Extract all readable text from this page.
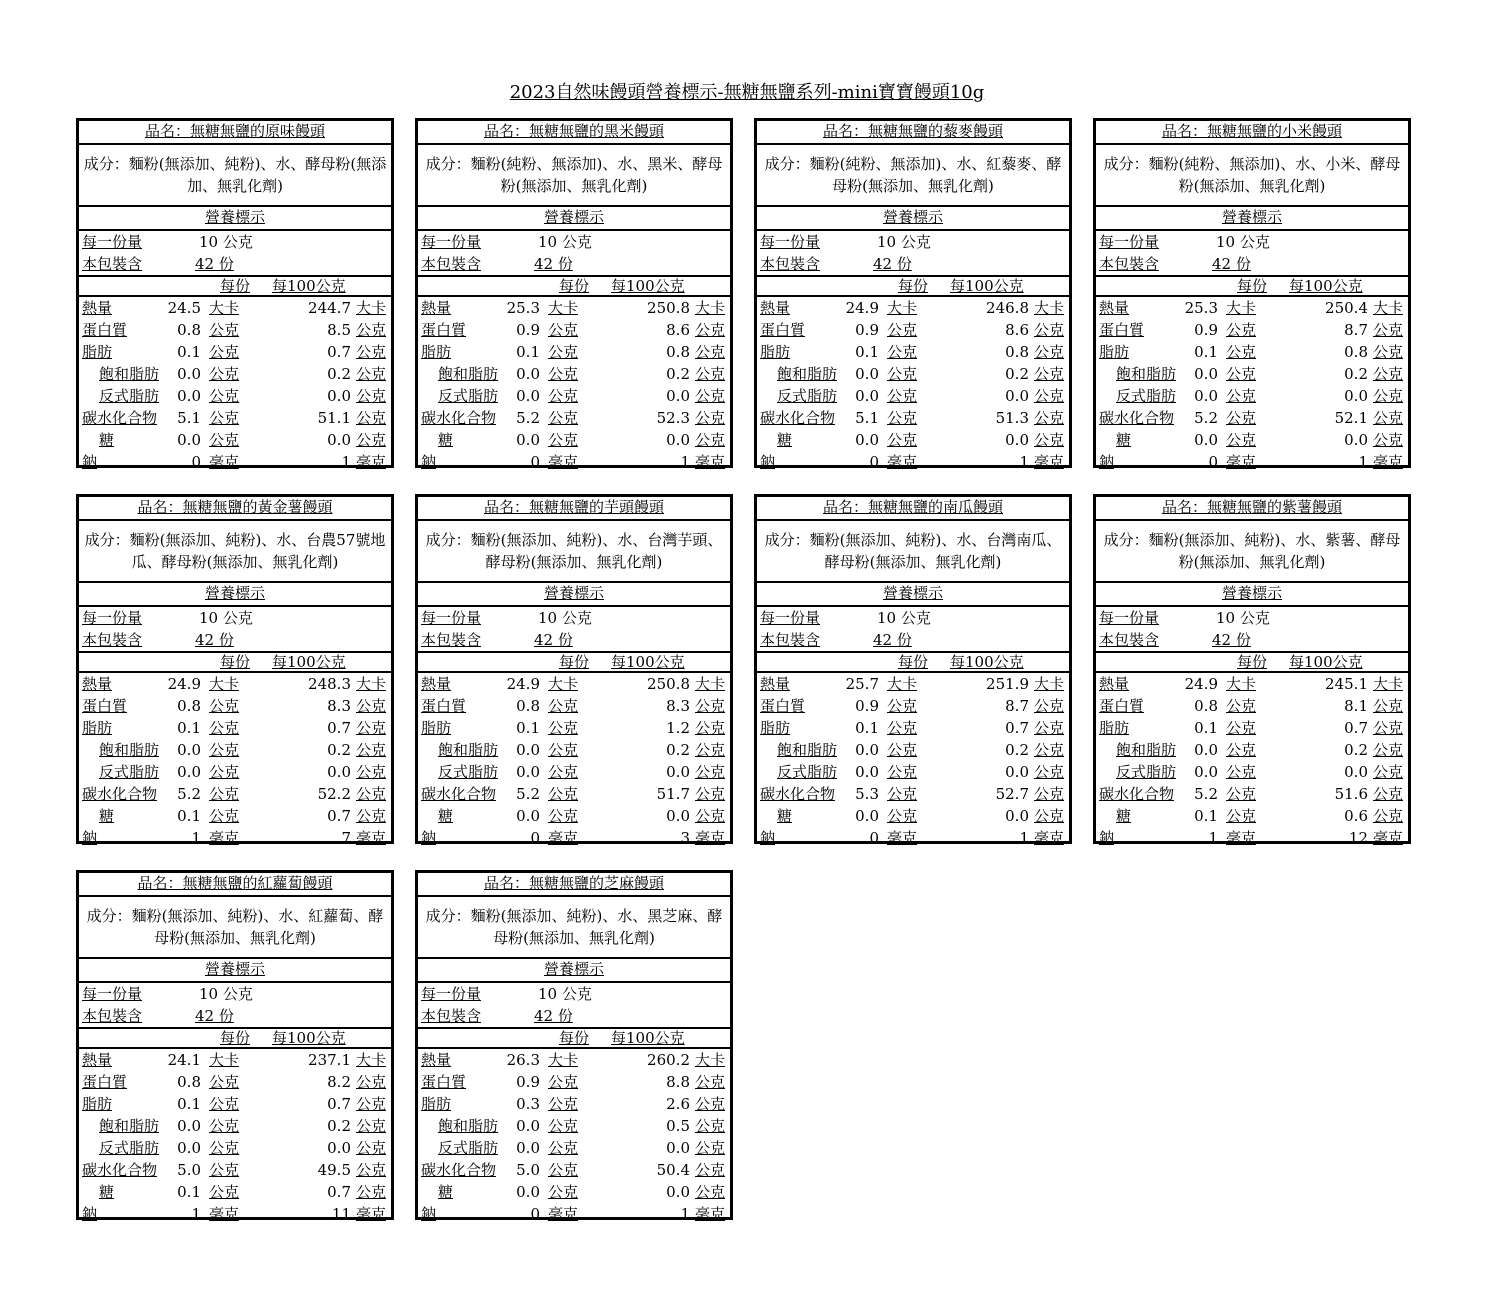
2023自然味饅頭營養標示-無糖無鹽系列-mini寶寶饅頭10g
品名：無糖無鹽的原味饅頭
成分：麵粉(無添加、純粉)、水、酵母粉(無添加、無乳化劑)
營養標示
每一份量	10 公克
本包裝含	42 份
每份 每100公克
熱量	24.5 大卡	244.7 大卡
蛋白質	0.8 公克	8.5 公克
脂肪	0.1 公克	0.7 公克
飽和脂肪 0.0 公克	0.2 公克
反式脂肪 0.0 公克	0.0 公克
碳水化合物 5.1 公克	51.1 公克
糖	0.0 公克	0.0 公克
鈉	0 毫克	1 毫克
品名：無糖無鹽的黑米饅頭
成分：麵粉(純粉、無添加)、水、黑米、酵母粉(無添加、無乳化劑)
營養標示
每一份量	10 公克
本包裝含	42 份
每份 每100公克
熱量	25.3 大卡	250.8 大卡
蛋白質	0.9 公克	8.6 公克
脂肪	0.1 公克	0.8 公克
飽和脂肪 0.0 公克	0.2 公克
反式脂肪 0.0 公克	0.0 公克
碳水化合物 5.2 公克	52.3 公克
糖	0.0 公克	0.0 公克
鈉	0 毫克	1 毫克
品名：無糖無鹽的藜麥饅頭
成分：麵粉(純粉、無添加)、水、紅藜麥、酵母粉(無添加、無乳化劑)
營養標示
每一份量	10 公克
本包裝含	42 份
每份 每100公克
熱量	24.9 大卡	246.8 大卡
蛋白質	0.9 公克	8.6 公克
脂肪	0.1 公克	0.8 公克
飽和脂肪 0.0 公克	0.2 公克
反式脂肪 0.0 公克	0.0 公克
碳水化合物 5.1 公克	51.3 公克
糖	0.0 公克	0.0 公克
鈉	0 毫克	1 毫克
品名：無糖無鹽的小米饅頭
成分：麵粉(純粉、無添加)、水、小米、酵母粉(無添加、無乳化劑)
營養標示
每一份量	10 公克
本包裝含	42 份
每份 每100公克
熱量	25.3 大卡	250.4 大卡
蛋白質	0.9 公克	8.7 公克
脂肪	0.1 公克	0.8 公克
飽和脂肪 0.0 公克	0.2 公克
反式脂肪 0.0 公克	0.0 公克
碳水化合物 5.2 公克	52.1 公克
糖	0.0 公克	0.0 公克
鈉	0 毫克	1 毫克
品名：無糖無鹽的黃金薯饅頭
成分：麵粉(無添加、純粉)、水、台農57號地瓜、酵母粉(無添加、無乳化劑)
營養標示
每一份量	10 公克
本包裝含	42 份
每份 每100公克
熱量	24.9 大卡	248.3 大卡
蛋白質	0.8 公克	8.3 公克
脂肪	0.1 公克	0.7 公克
飽和脂肪 0.0 公克	0.2 公克
反式脂肪 0.0 公克	0.0 公克
碳水化合物 5.2 公克	52.2 公克
糖	0.1 公克	0.7 公克
鈉	1 毫克	7 毫克
品名：無糖無鹽的芋頭饅頭
成分：麵粉(無添加、純粉)、水、台灣芋頭、酵母粉(無添加、無乳化劑)
營養標示
每一份量	10 公克
本包裝含	42 份
每份 每100公克
熱量	24.9 大卡	250.8 大卡
蛋白質	0.8 公克	8.3 公克
脂肪	0.1 公克	1.2 公克
飽和脂肪 0.0 公克	0.2 公克
反式脂肪 0.0 公克	0.0 公克
碳水化合物 5.2 公克	51.7 公克
糖	0.0 公克	0.0 公克
鈉	0 毫克	3 毫克
品名：無糖無鹽的南瓜饅頭
成分：麵粉(無添加、純粉)、水、台灣南瓜、酵母粉(無添加、無乳化劑)
營養標示
每一份量	10 公克
本包裝含	42 份
每份 每100公克
熱量	25.7 大卡	251.9 大卡
蛋白質	0.9 公克	8.7 公克
脂肪	0.1 公克	0.7 公克
飽和脂肪 0.0 公克	0.2 公克
反式脂肪 0.0 公克	0.0 公克
碳水化合物 5.3 公克	52.7 公克
糖	0.0 公克	0.0 公克
鈉	0 毫克	1 毫克
品名：無糖無鹽的紫薯饅頭
成分：麵粉(無添加、純粉)、水、紫薯、酵母粉(無添加、無乳化劑)
營養標示
每一份量	10 公克
本包裝含	42 份
每份 每100公克
熱量	24.9 大卡	245.1 大卡
蛋白質	0.8 公克	8.1 公克
脂肪	0.1 公克	0.7 公克
飽和脂肪 0.0 公克	0.2 公克
反式脂肪 0.0 公克	0.0 公克
碳水化合物 5.2 公克	51.6 公克
糖	0.1 公克	0.6 公克
鈉	1 毫克	12 毫克
品名：無糖無鹽的紅蘿蔔饅頭
成分：麵粉(無添加、純粉)、水、紅蘿蔔、酵母粉(無添加、無乳化劑)
營養標示
每一份量	10 公克
本包裝含	42 份
每份 每100公克
熱量	24.1 大卡	237.1 大卡
蛋白質	0.8 公克	8.2 公克
脂肪	0.1 公克	0.7 公克
飽和脂肪 0.0 公克	0.2 公克
反式脂肪 0.0 公克	0.0 公克
碳水化合物 5.0 公克	49.5 公克
糖	0.1 公克	0.7 公克
鈉	1 毫克	11 毫克
品名：無糖無鹽的芝麻饅頭
成分：麵粉(無添加、純粉)、水、黑芝麻、酵母粉(無添加、無乳化劑)
營養標示
每一份量	10 公克
本包裝含	42 份
每份 每100公克
熱量	26.3 大卡	260.2 大卡
蛋白質	0.9 公克	8.8 公克
脂肪	0.3 公克	2.6 公克
飽和脂肪 0.0 公克	0.5 公克
反式脂肪 0.0 公克	0.0 公克
碳水化合物 5.0 公克	50.4 公克
糖	0.0 公克	0.0 公克
鈉	0 毫克	1 毫克
